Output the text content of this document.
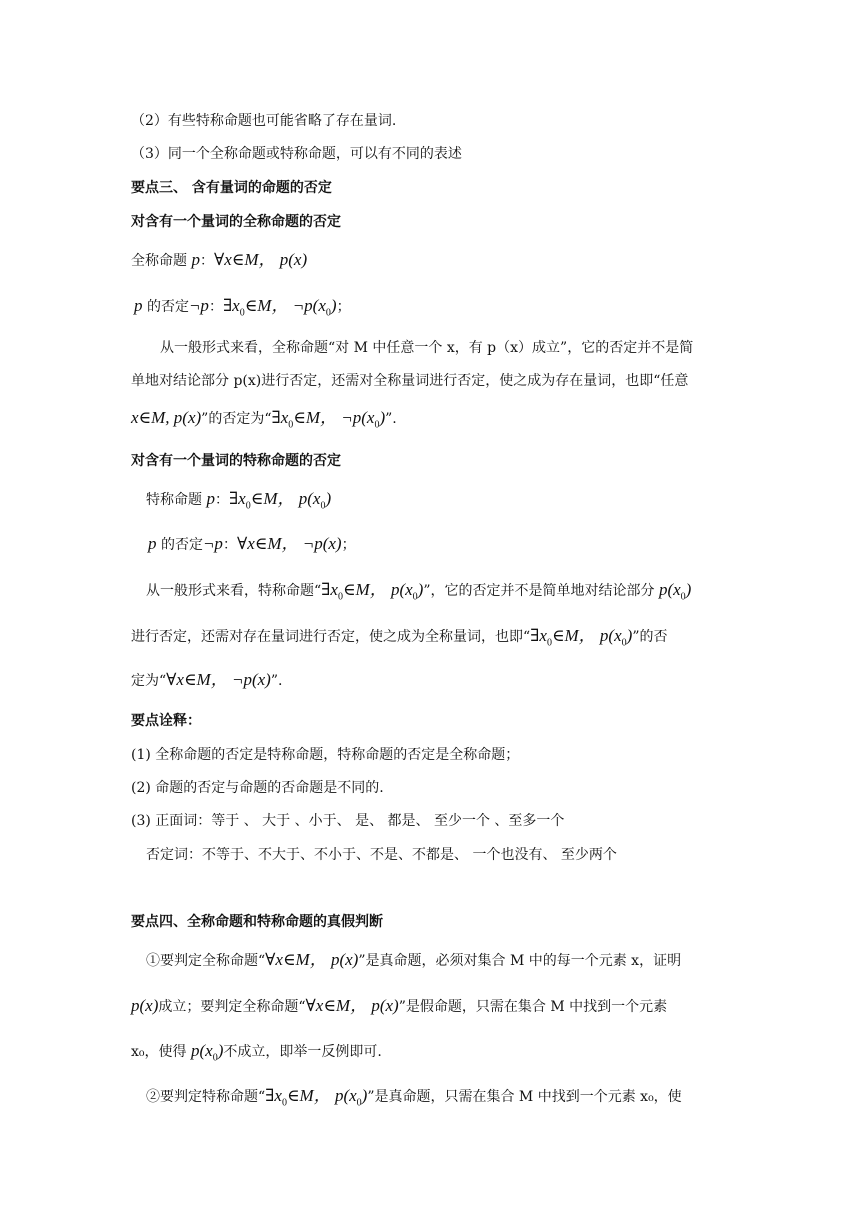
（2）有些特称命题也可能省略了存在量词.
（3）同一个全称命题或特称命题，可以有不同的表述
要点三、 含有量词的命题的否定
对含有一个量词的全称命题的否定
全称命题 p：∀x∈M， p(x)
p 的否定¬p：$\exists x_0\in M$， $\neg p(x_0)$；
从一般形式来看，全称命题“对 M 中任意一个 x，有 p（x）成立”，它的否定并不是简
单地对结论部分 p(x)进行否定，还需对全称量词进行否定，使之成为存在量词，也即“任意
x∈M, p(x)”的否定为“$\exists x_0\in M$， $\neg p(x_0)$”.
对含有一个量词的特称命题的否定
特称命题 p：$\exists x_0\in M$， $p(x_0)$
p 的否定¬p：∀x∈M， ¬p(x)；
从一般形式来看，特称命题“$\exists x_0\in M$， $p(x_0)$”，它的否定并不是简单地对结论部分 $p(x_0)$
进行否定，还需对存在量词进行否定，使之成为全称量词，也即“$\exists x_0\in M$， $p(x_0)$”的否
定为“∀x∈M， ¬p(x)”.
要点诠释：
(1) 全称命题的否定是特称命题，特称命题的否定是全称命题；
(2) 命题的否定与命题的否命题是不同的.
(3) 正面词：等于 、 大于 、小于、 是、 都是、 至少一个 、至多一个
否定词：不等于、不大于、不小于、不是、不都是、 一个也没有、 至少两个
要点四、全称命题和特称命题的真假判断
①要判定全称命题“∀x∈M， p(x)”是真命题，必须对集合 M 中的每一个元素 x，证明
p(x)成立；要判定全称命题“∀x∈M， p(x)”是假命题，只需在集合 M 中找到一个元素
x₀，使得 $p(x_0)$不成立，即举一反例即可.
②要判定特称命题“$\exists x_0\in M$， $p(x_0)$”是真命题，只需在集合 M 中找到一个元素 x₀，使
